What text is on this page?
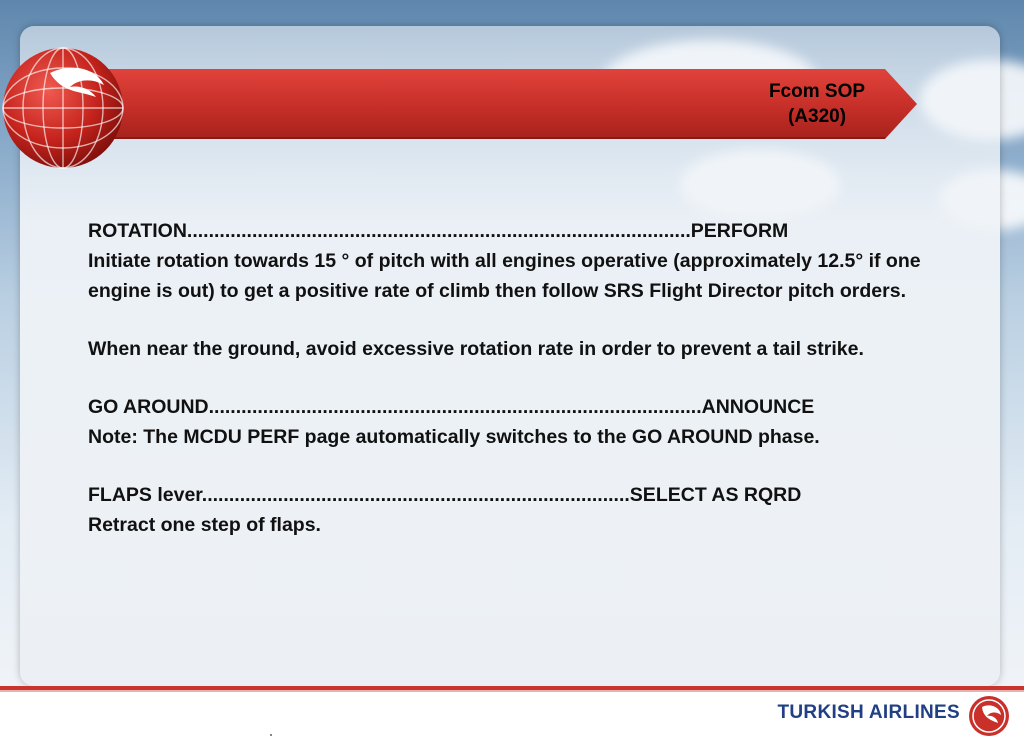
Fcom SOP
(A320)

ROTATION.............................................................................................PERFORM

Initiate rotation towards 15 ° of pitch with all engines operative (approximately 12.5° if one engine is out) to get a positive rate of climb then follow SRS Flight Director pitch orders.

When near the ground, avoid excessive rotation rate in order to prevent a tail strike.

GO AROUND...........................................................................................ANNOUNCE

Note: The MCDU PERF page automatically switches to the GO AROUND phase.

FLAPS lever...............................................................................SELECT AS RQRD

Retract one step of flaps.

TURKISH AIRLINES
